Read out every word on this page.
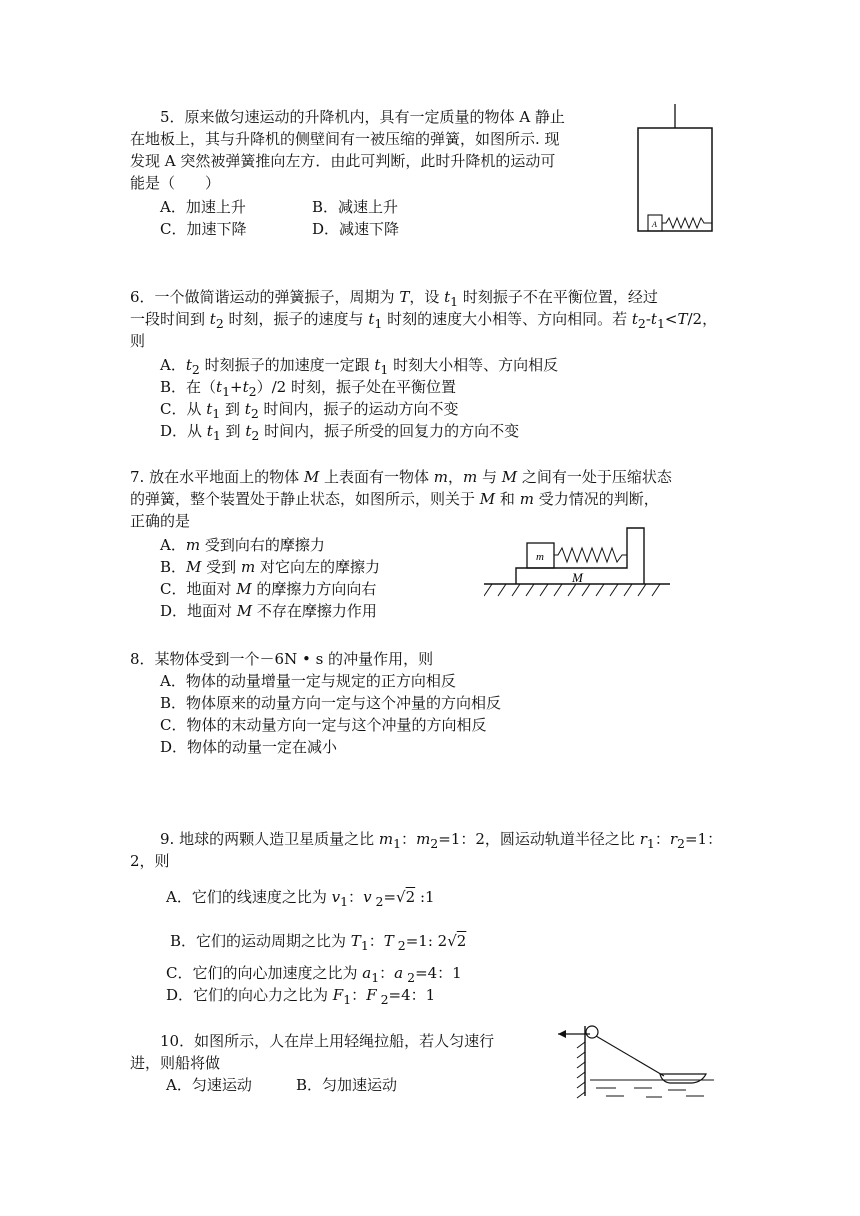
5．原来做匀速运动的升降机内，具有一定质量的物体 A 静止
在地板上，其与升降机的侧壁间有一被压缩的弹簧，如图所示. 现
发现 A 突然被弹簧推向左方．由此可判断，此时升降机的运动可
能是（　　）
A．加速上升	B．减速上升
C．加速下降	D．减速下降	A
6．一个做简谐运动的弹簧振子，周期为 T，设 $t_1$ 时刻振子不在平衡位置，经过
一段时间到 $t_2$ 时刻，振子的速度与 $t_1$ 时刻的速度大小相等、方向相同。若 $t_2-t_1<T/2$，
则
A．$t_2$ 时刻振子的加速度一定跟 $t_1$ 时刻大小相等、方向相反
B．在$(t_1+t_2)/2$ 时刻，振子处在平衡位置
C．从 $t_1$ 到 $t_2$ 时间内，振子的运动方向不变
D．从 $t_1$ 到 $t_2$ 时间内，振子所受的回复力的方向不变
7. 放在水平地面上的物体 M 上表面有一物体 m，m 与 M 之间有一处于压缩状态
的弹簧，整个装置处于静止状态，如图所示，则关于 M 和 m 受力情况的判断，
正确的是
A．m 受到向右的摩擦力
B．M 受到 m 对它向左的摩擦力
C．地面对 M 的摩擦力方向向右
D．地面对 M 不存在摩擦力作用
m
M
8．某物体受到一个－6N • s 的冲量作用，则
A．物体的动量增量一定与规定的正方向相反
B．物体原来的动量方向一定与这个冲量的方向相反
C．物体的末动量方向一定与这个冲量的方向相反
D．物体的动量一定在减小
9. 地球的两颗人造卫星质量之比 $m_1$：$m_2=1$：2，圆运动轨道半径之比 $r_1$：$r_2=1$：
2，则
A．它们的线速度之比为 $v_1$：v $_2$=√2 :1
B．它们的运动周期之比为 $T_1$：T $_2$=1: 2√2
C．它们的向心加速度之比为 $a_1$：a $_2$=4：1
D．它们的向心力之比为 $F_1$：F $_2$=4：1
10．如图所示，人在岸上用轻绳拉船，若人匀速行
进，则船将做
A．匀速运动	B．匀加速运动
